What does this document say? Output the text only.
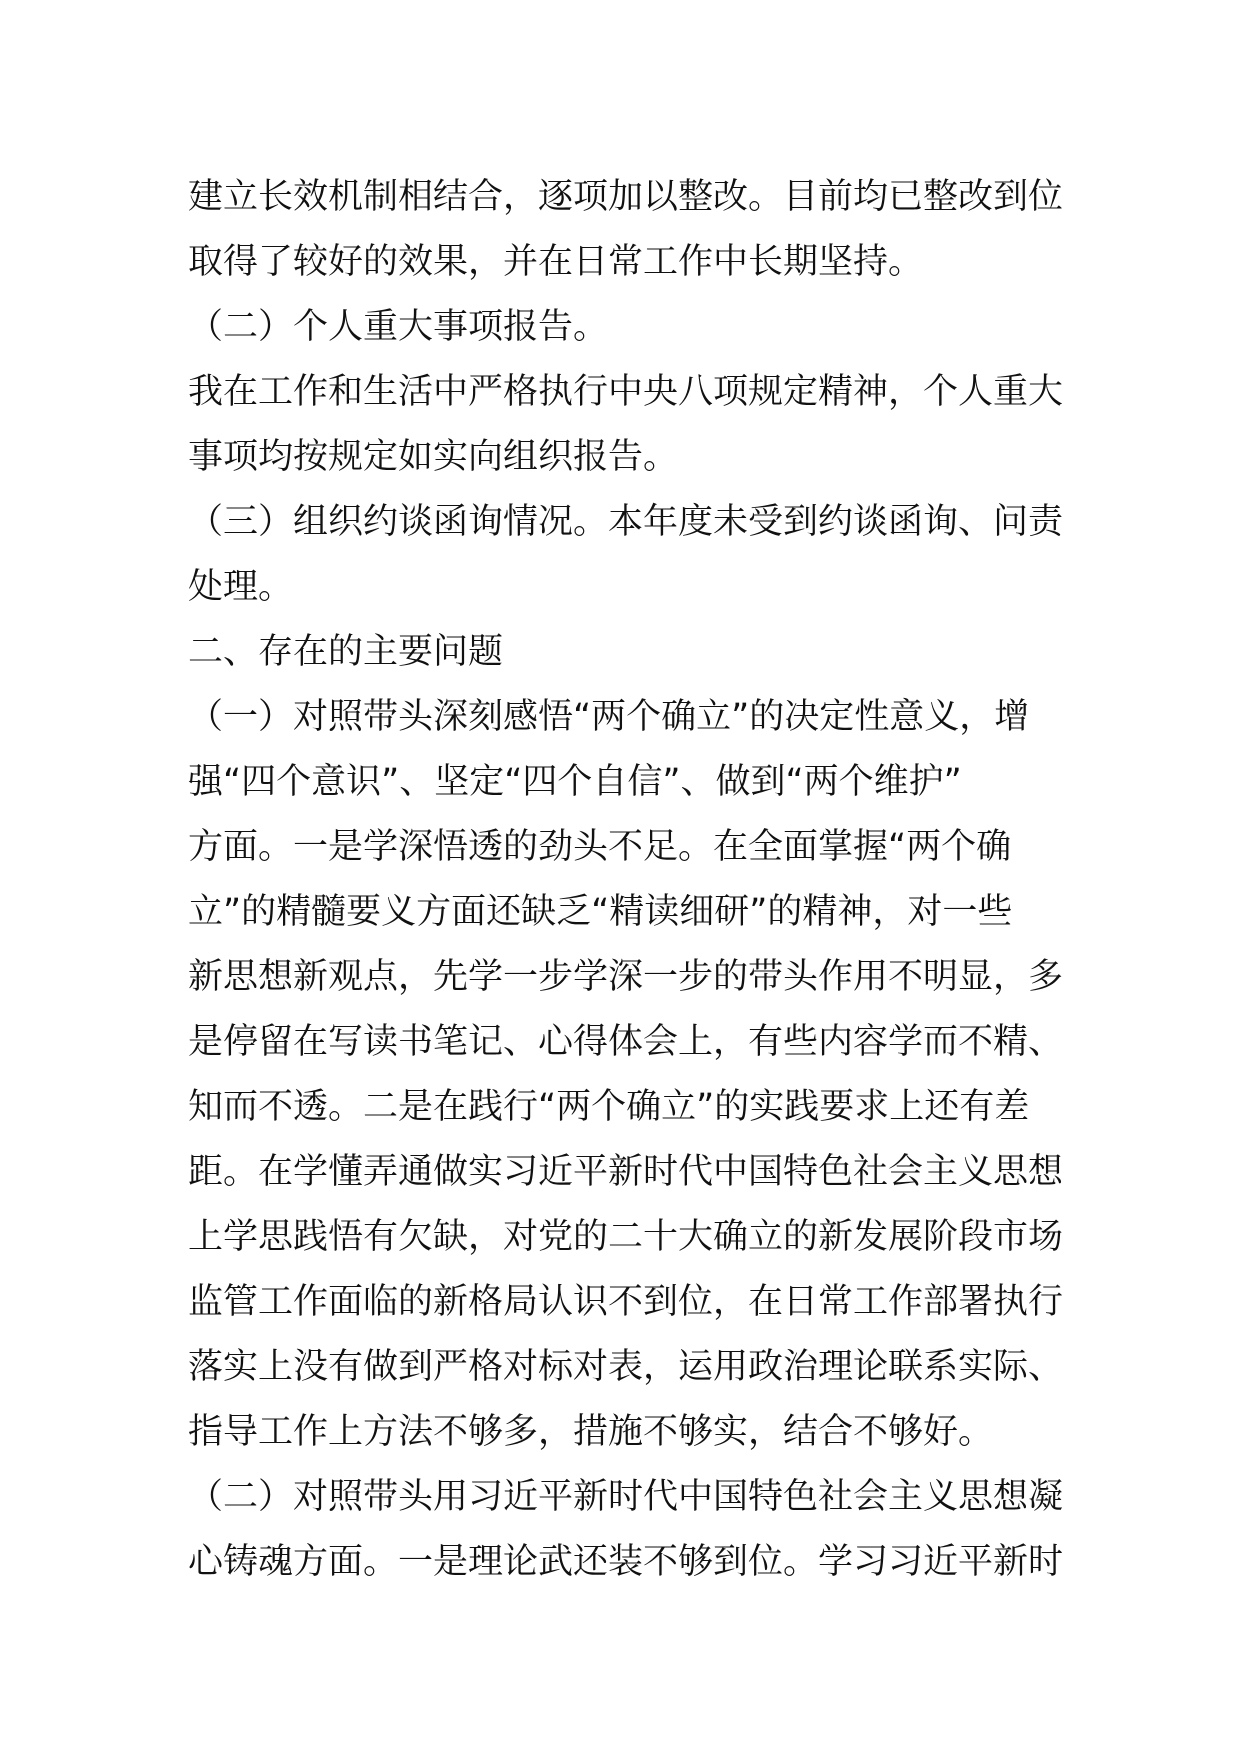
建立长效机制相结合，逐项加以整改。目前均已整改到位
取得了较好的效果，并在日常工作中长期坚持。
（二）个人重大事项报告。
我在工作和生活中严格执行中央八项规定精神，个人重大
事项均按规定如实向组织报告。
（三）组织约谈函询情况。本年度未受到约谈函询、问责
处理。
二、存在的主要问题
（一）对照带头深刻感悟“两个确立”的决定性意义，增
强“四个意识”、坚定“四个自信”、做到“两个维护”
方面。一是学深悟透的劲头不足。在全面掌握“两个确
立”的精髓要义方面还缺乏“精读细研”的精神，对一些
新思想新观点，先学一步学深一步的带头作用不明显，多
是停留在写读书笔记、心得体会上，有些内容学而不精、
知而不透。二是在践行“两个确立”的实践要求上还有差
距。在学懂弄通做实习近平新时代中国特色社会主义思想
上学思践悟有欠缺，对党的二十大确立的新发展阶段市场
监管工作面临的新格局认识不到位，在日常工作部署执行
落实上没有做到严格对标对表，运用政治理论联系实际、
指导工作上方法不够多，措施不够实，结合不够好。
（二）对照带头用习近平新时代中国特色社会主义思想凝
心铸魂方面。一是理论武还装不够到位。学习习近平新时
